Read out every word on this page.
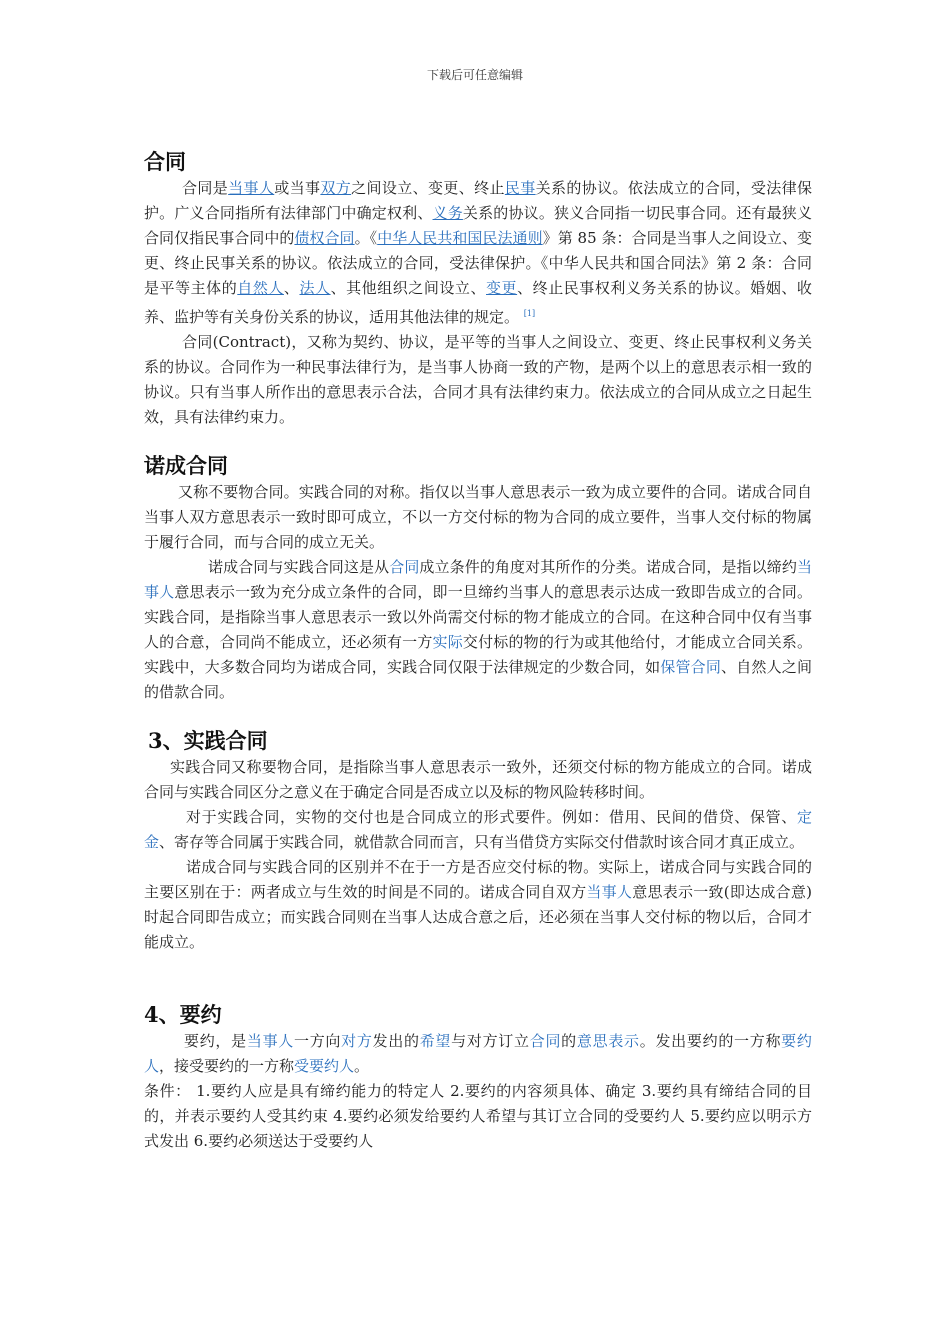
下载后可任意编辑
合同

合同是当事人或当事双方之间设立、变更、终止民事关系的协议。依法成立的合同，受法律保护。广义合同指所有法律部门中确定权利、义务关系的协议。狭义合同指一切民事合同。还有最狭义合同仅指民事合同中的债权合同。《中华人民共和国民法通则》第 85 条：合同是当事人之间设立、变更、终止民事关系的协议。依法成立的合同，受法律保护。《中华人民共和国合同法》第 2 条：合同是平等主体的自然人、法人、其他组织之间设立、变更、终止民事权利义务关系的协议。婚姻、收养、监护等有关身份关系的协议，适用其他法律的规定。 [1]

合同(Contract)，又称为契约、协议，是平等的当事人之间设立、变更、终止民事权利义务关系的协议。合同作为一种民事法律行为，是当事人协商一致的产物，是两个以上的意思表示相一致的协议。只有当事人所作出的意思表示合法，合同才具有法律约束力。依法成立的合同从成立之日起生效，具有法律约束力。

诺成合同

又称不要物合同。实践合同的对称。指仅以当事人意思表示一致为成立要件的合同。诺成合同自当事人双方意思表示一致时即可成立，不以一方交付标的物为合同的成立要件，当事人交付标的物属于履行合同，而与合同的成立无关。

诺成合同与实践合同这是从合同成立条件的角度对其所作的分类。诺成合同，是指以缔约当事人意思表示一致为充分成立条件的合同，即一旦缔约当事人的意思表示达成一致即告成立的合同。实践合同，是指除当事人意思表示一致以外尚需交付标的物才能成立的合同。在这种合同中仅有当事人的合意，合同尚不能成立，还必须有一方实际交付标的物的行为或其他给付，才能成立合同关系。实践中，大多数合同均为诺成合同，实践合同仅限于法律规定的少数合同，如保管合同、自然人之间的借款合同。

3、实践合同

实践合同又称要物合同，是指除当事人意思表示一致外，还须交付标的物方能成立的合同。诺成合同与实践合同区分之意义在于确定合同是否成立以及标的物风险转移时间。

对于实践合同，实物的交付也是合同成立的形式要件。例如：借用、民间的借贷、保管、定金、寄存等合同属于实践合同，就借款合同而言，只有当借贷方实际交付借款时该合同才真正成立。

诺成合同与实践合同的区别并不在于一方是否应交付标的物。实际上，诺成合同与实践合同的主要区别在于：两者成立与生效的时间是不同的。诺成合同自双方当事人意思表示一致(即达成合意)时起合同即告成立；而实践合同则在当事人达成合意之后，还必须在当事人交付标的物以后，合同才能成立。

4、要约

要约，是当事人一方向对方发出的希望与对方订立合同的意思表示。发出要约的一方称要约人，接受要约的一方称受要约人。

条件： 1.要约人应是具有缔约能力的特定人 2.要约的内容须具体、确定 3.要约具有缔结合同的目的，并表示要约人受其约束 4.要约必须发给要约人希望与其订立合同的受要约人 5.要约应以明示方式发出 6.要约必须送达于受要约人
